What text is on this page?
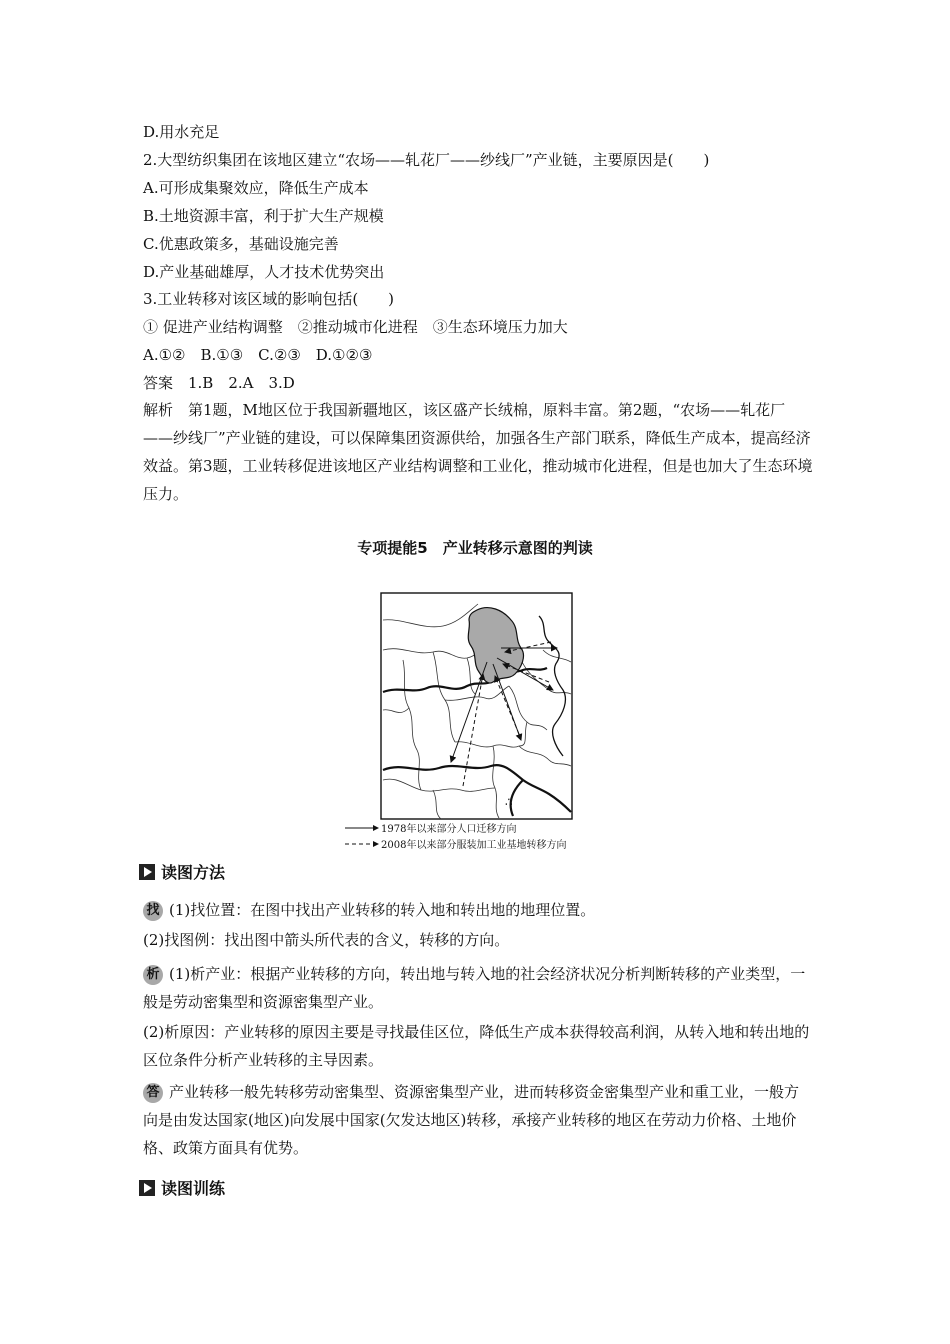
D.用水充足
2.大型纺织集团在该地区建立“农场——轧花厂——纱线厂”产业链，主要原因是(　　)
A.可形成集聚效应，降低生产成本
B.土地资源丰富，利于扩大生产规模
C.优惠政策多，基础设施完善
D.产业基础雄厚，人才技术优势突出
3.工业转移对该区域的影响包括(　　)
① 促进产业结构调整　②推动城市化进程　③生态环境压力加大
A.①②　B.①③　C.②③　D.①②③
答案　1.B　2.A　3.D
解析　第1题，M地区位于我国新疆地区，该区盛产长绒棉，原料丰富。第2题，“农场——轧花厂——纱线厂”产业链的建设，可以保障集团资源供给，加强各生产部门联系，降低生产成本，提高经济效益。第3题，工业转移促进该地区产业结构调整和工业化，推动城市化进程，但是也加大了生态环境压力。
专项提能5　产业转移示意图的判读
∴
1978年以来部分人口迁移方向
2008年以来部分服装加工业基地转移方向
读图方法
找 (1)找位置：在图中找出产业转移的转入地和转出地的地理位置。
(2)找图例：找出图中箭头所代表的含义，转移的方向。
析 (1)析产业：根据产业转移的方向，转出地与转入地的社会经济状况分析判断转移的产业类型，一般是劳动密集型和资源密集型产业。
(2)析原因：产业转移的原因主要是寻找最佳区位，降低生产成本获得较高利润，从转入地和转出地的区位条件分析产业转移的主导因素。
答 产业转移一般先转移劳动密集型、资源密集型产业，进而转移资金密集型产业和重工业，一般方向是由发达国家(地区)向发展中国家(欠发达地区)转移，承接产业转移的地区在劳动力价格、土地价格、政策方面具有优势。
读图训练
